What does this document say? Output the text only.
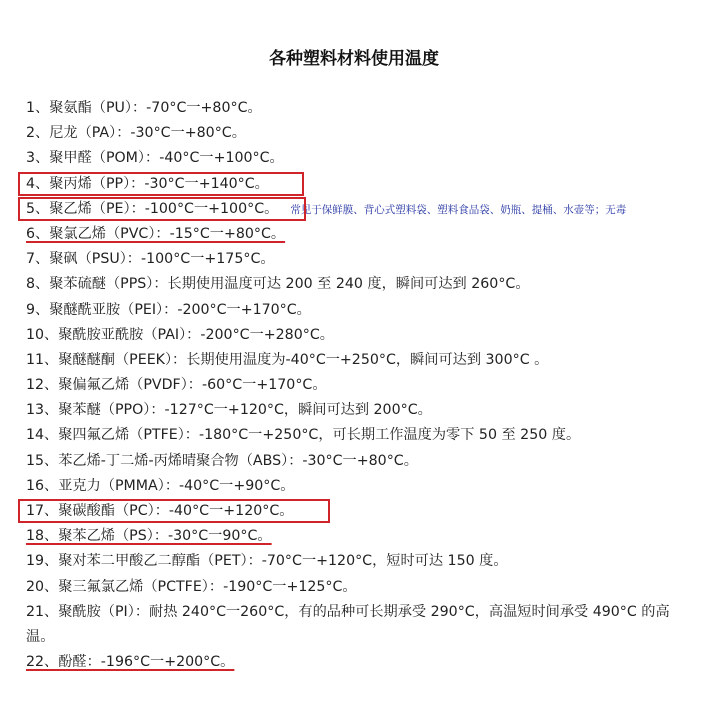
各种塑料材料使用温度
1、聚氨酯（PU）：-70°C一+80°C。
2、尼龙（PA）：-30°C一+80°C。
3、聚甲醛（POM）：-40°C一+100°C。
4、聚丙烯（PP）：-30°C一+140°C。
5、聚乙烯（PE）：-100°C一+100°C。 常见于保鲜膜、背心式塑料袋、塑料食品袋、奶瓶、提桶、水壶等；无毒
6、聚氯乙烯（PVC）：-15°C一+80°C。
7、聚砜（PSU）：-100°C一+175°C。
8、聚苯硫醚（PPS）：长期使用温度可达 200 至 240 度，瞬间可达到 260°C。
9、聚醚酰亚胺（PEI）：-200°C一+170°C。
10、聚酰胺亚酰胺（PAI）：-200°C一+280°C。
11、聚醚醚酮（PEEK）：长期使用温度为-40°C一+250°C，瞬间可达到 300°C 。
12、聚偏氟乙烯（PVDF）：-60°C一+170°C。
13、聚苯醚（PPO）：-127°C一+120°C，瞬间可达到 200°C。
14、聚四氟乙烯（PTFE）：-180°C一+250°C，可长期工作温度为零下 50 至 250 度。
15、苯乙烯-丁二烯-丙烯晴聚合物（ABS）：-30°C一+80°C。
16、亚克力（PMMA）：-40°C一+90°C。
17、聚碳酸酯（PC）：-40°C一+120°C。
18、聚苯乙烯（PS）：-30°C一90°C。
19、聚对苯二甲酸乙二醇酯（PET）：-70°C一+120°C，短时可达 150 度。
20、聚三氟氯乙烯（PCTFE）：-190°C一+125°C。
21、聚酰胺（PI）：耐热 240°C一260°C，有的品种可长期承受 290°C，高温短时间承受 490°C 的高温。
22、酚醛：-196°C一+200°C。
